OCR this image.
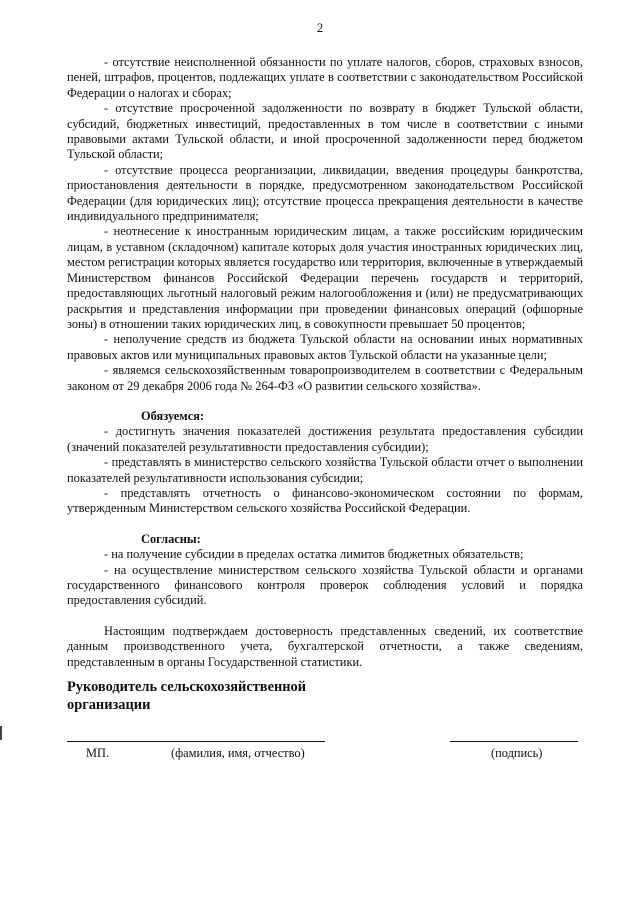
2

- отсутствие неисполненной обязанности по уплате налогов, сборов, страховых взносов, пеней, штрафов, процентов, подлежащих уплате в соответствии с законодательством Российской Федерации о налогах и сборах;

- отсутствие просроченной задолженности по возврату в бюджет Тульской области, субсидий, бюджетных инвестиций, предоставленных в том числе в соответствии с иными правовыми актами Тульской области, и иной просроченной задолженности перед бюджетом Тульской области;

- отсутствие процесса реорганизации, ликвидации, введения процедуры банкротства, приостановления деятельности в порядке, предусмотренном законодательством Российской Федерации (для юридических лиц); отсутствие процесса прекращения деятельности в качестве индивидуального предпринимателя;

- неотнесение к иностранным юридическим лицам, а также российским юридическим лицам, в уставном (складочном) капитале которых доля участия иностранных юридических лиц, местом регистрации которых является государство или территория, включенные в утверждаемый Министерством финансов Российской Федерации перечень государств и территорий, предоставляющих льготный налоговый режим налогообложения и (или) не предусматривающих раскрытия и представления информации при проведении финансовых операций (офшорные зоны) в отношении таких юридических лиц, в совокупности превышает 50 процентов;

- неполучение средств из бюджета Тульской области на основании иных нормативных правовых актов или муниципальных правовых актов Тульской области на указанные цели;

- являемся сельскохозяйственным товаропроизводителем в соответствии с Федеральным законом от 29 декабря 2006 года № 264-ФЗ «О развитии сельского хозяйства».

Обязуемся:

- достигнуть значения показателей достижения результата предоставления субсидии (значений показателей результативности предоставления субсидии);

- представлять в министерство сельского хозяйства Тульской области отчет о выполнении показателей результативности использования субсидии;

- представлять отчетность о финансово-экономическом состоянии по формам, утвержденным Министерством сельского хозяйства Российской Федерации.

Согласны:

- на получение субсидии в пределах остатка лимитов бюджетных обязательств;

- на осуществление министерством сельского хозяйства Тульской области и органами государственного финансового контроля проверок соблюдения условий и порядка предоставления субсидий.

Настоящим подтверждаем достоверность представленных сведений, их соответствие данным производственного учета, бухгалтерской отчетности, а также сведениям, представленным в органы Государственной статистики.

Руководитель сельскохозяйственной организации
МП.	(фамилия, имя, отчество)	(подпись)
